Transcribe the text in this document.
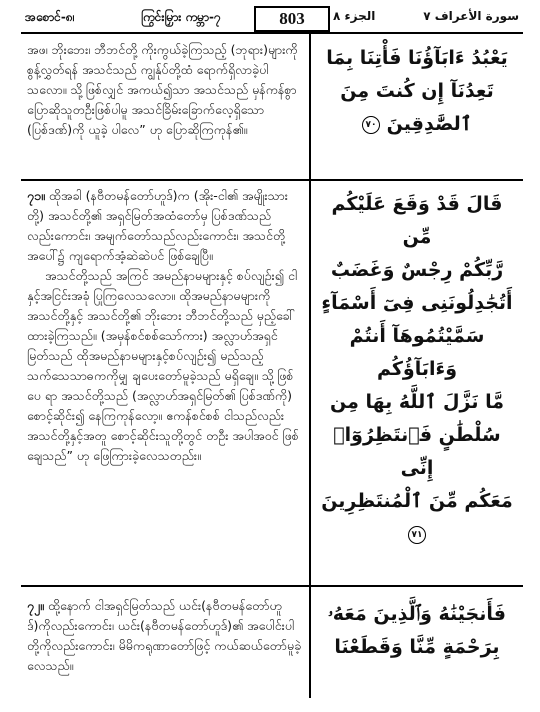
အစောင်-၈၊	ကြွင်းမြှား ကမ္ဘာ-၇	803	الجزء ٨	سورة الأعراف ٧

အဖ၊ ဘိုးဘေး၊ ဘီဘင်တို့ ကိုးကွယ်ခဲ့ကြသည့် (ဘုရား)များကိုစွန့်လွှတ်ရန် အသင်သည် ကျွန်ုပ်တို့ထံ ရောက်ရှိလာခဲ့ပါသလော။ သို့ဖြစ်လျှင် အကယ်၍သာ အသင်သည် မှန်ကန်စွာ ပြောဆိုသူတဦးဖြစ်ပါမူ အသင်ခြိမ်းခြောက်လေ့ရှိသော (ပြစ်ဒဏ်)ကို ယူခဲ့ ပါလေ” ဟု ပြောဆိုကြကုန်၏။

يَعْبُدُ ءَابَآؤُنَا فَأْتِنَا بِمَا

تَعِدُنَآ إِن كُنتَ مِنَ

ٱلصَّٰدِقِينَ ٧٠

၇၁။ ထိုအခါ (နဗီတမန်တော်ဟူဒ်)က (အိုး-ငါ၏ အမျိုးသားတို့) အသင်တို့၏ အရှင်မြတ်အထံတော်မှ ပြစ်ဒဏ်သည်လည်းကောင်း၊ အမျက်တော်သည်လည်းကောင်း၊ အသင်တို့အပေါ်၌ ကျရောက်အံ့ဆဲဆဲပင် ဖြစ်ချေပြီ။

အသင်တို့သည် အကြင် အမည်နာမများနှင့် စပ်လျဉ်း၍ ငါနှင့်အငြင်းအခုံ ပြုကြလေသလော။ ထိုအမည်နာမများကို အသင်တို့နှင့် အသင်တို့၏ ဘိုးဘေး ဘီဘင်တို့သည် မှည့်ခေါ်ထားခဲ့ကြသည်။ (အမှန်စင်စစ်သော်ကား) အလ္လာဟ်အရှင်မြတ်သည် ထိုအမည်နာမများနှင့်စပ်လျဉ်း၍ မည်သည့်သက်သေသာဓကကိုမျှ ချပေးတော်မူခဲ့သည် မရှိချေ။ သို့ဖြစ်ပေ ရာ အသင်တို့သည် (အလ္လာဟ်အရှင်မြတ်၏ ပြစ်ဒဏ်ကို) စောင့်ဆိုင်း၍ နေကြကုန်လော့။ ဧကန်စင်စစ် ငါသည်လည်း အသင်တို့နှင့်အတူ စောင့်ဆိုင်းသူတို့တွင် တဦး အပါအဝင် ဖြစ်ချေသည်” ဟု ဖြေကြားခဲ့လေသတည်း။

قَالَ قَدْ وَقَعَ عَلَيْكُم مِّن

رَّبِّكُمْ رِجْسٌ وَغَضَبٌ

أَتُجَٰدِلُونَنِى فِىٓ أَسْمَآءٍ

سَمَّيْتُمُوهَآ أَنتُمْ وَءَابَآؤُكُم

مَّا نَزَّلَ ٱللَّهُ بِهَا مِن

سُلْطَٰنٍ فَٱنتَظِرُوٓا۟ إِنِّى

مَعَكُم مِّنَ ٱلْمُنتَظِرِينَ ٧١

၇၂။ ထို့နောက် ငါအရှင်မြတ်သည် ယင်း(နဗီတမန်တော်ဟူဒ်)ကိုလည်းကောင်း၊ ယင်း(နဗီတမန်တော်ဟူဒ်)၏ အပေါင်းပါတို့ကိုလည်းကောင်း၊ မိမိကရုဏာတော်ဖြင့် ကယ်ဆယ်တော်မူခဲ့လေသည်။

فَأَنجَيْنَٰهُ وَٱلَّذِينَ مَعَهُۥ

بِرَحْمَةٍ مِّنَّا وَقَطَعْنَا
